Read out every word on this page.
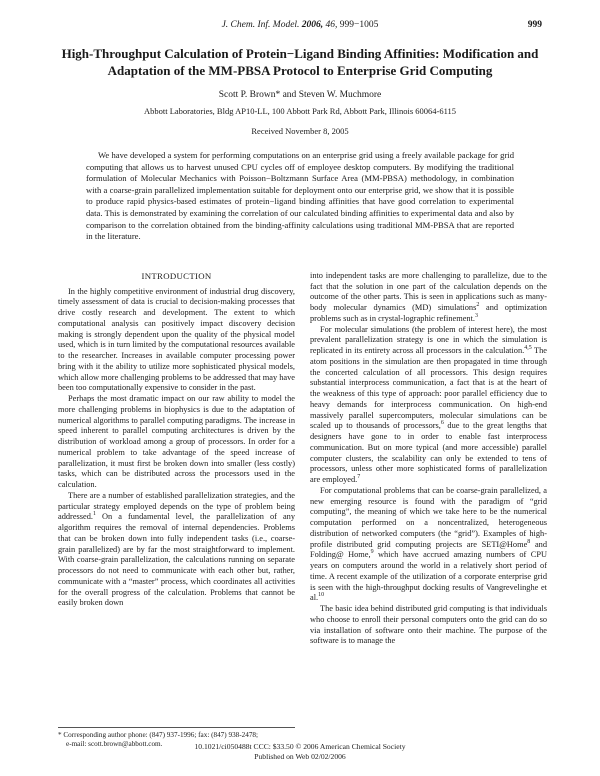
J. Chem. Inf. Model. 2006, 46, 999−1005	999
High-Throughput Calculation of Protein−Ligand Binding Affinities: Modification and
Adaptation of the MM-PBSA Protocol to Enterprise Grid Computing
Scott P. Brown* and Steven W. Muchmore
Abbott Laboratories, Bldg AP10-LL, 100 Abbott Park Rd, Abbott Park, Illinois 60064-6115
Received November 8, 2005

We have developed a system for performing computations on an enterprise grid using a freely available package for grid computing that allows us to harvest unused CPU cycles off of employee desktop computers. By modifying the traditional formulation of Molecular Mechanics with Poisson−Boltzmann Surface Area (MM-PBSA) methodology, in combination with a coarse-grain parallelized implementation suitable for deployment onto our enterprise grid, we show that it is possible to produce rapid physics-based estimates of protein−ligand binding affinities that have good correlation to experimental data. This is demonstrated by examining the correlation of our calculated binding affinities to experimental data and also by comparison to the correlation obtained from the binding-affinity calculations using traditional MM-PBSA that are reported in the literature.

INTRODUCTION

In the highly competitive environment of industrial drug discovery, timely assessment of data is crucial to decision-making processes that drive costly research and development. The extent to which computational analysis can positively impact discovery decision making is strongly dependent upon the quality of the physical model used, which is in turn limited by the computational resources available to the researcher. Increases in available computer processing power bring with it the ability to utilize more sophisticated physical models, which allow more challenging problems to be addressed that may have been too computationally expensive to consider in the past.

Perhaps the most dramatic impact on our raw ability to model the more challenging problems in biophysics is due to the adaptation of numerical algorithms to parallel computing paradigms. The increase in speed inherent to parallel computing architectures is driven by the distribution of workload among a group of processors. In order for a numerical problem to take advantage of the speed increase of parallelization, it must first be broken down into smaller (less costly) tasks, which can be distributed across the processors used in the calculation.

There are a number of established parallelization strategies, and the particular strategy employed depends on the type of problem being addressed.$^1$ On a fundamental level, the parallelization of any algorithm requires the removal of internal dependencies. Problems that can be broken down into fully independent tasks (i.e., coarse-grain parallelized) are by far the most straightforward to implement. With coarse-grain parallelization, the calculations running on separate processors do not need to communicate with each other but, rather, communicate with a “master” process, which coordinates all activities for the overall progress of the calculation. Problems that cannot be easily broken down

* Corresponding author phone: (847) 937-1996; fax: (847) 938-2478;
e-mail: scott.brown@abbott.com.

into independent tasks are more challenging to parallelize, due to the fact that the solution in one part of the calculation depends on the outcome of the other parts. This is seen in applications such as many-body molecular dynamics (MD) simulations$^2$ and optimization problems such as in crystal-lographic refinement.$^3$

For molecular simulations (the problem of interest here), the most prevalent parallelization strategy is one in which the simulation is replicated in its entirety across all processors in the calculation.$^{4,5}$ The atom positions in the simulation are then propagated in time through the concerted calculation of all processors. This design requires substantial interprocess communication, a fact that is at the heart of the weakness of this type of approach: poor parallel efficiency due to heavy demands for interprocess communication. On high-end massively parallel supercomputers, molecular simulations can be scaled up to thousands of processors,$^6$ due to the great lengths that designers have gone to in order to enable fast interprocess communication. But on more typical (and more accessible) parallel computer clusters, the scalability can only be extended to tens of processors, unless other more sophisticated forms of parallelization are employed.$^7$

For computational problems that can be coarse-grain parallelized, a new emerging resource is found with the paradigm of “grid computing”, the meaning of which we take here to be the numerical computation performed on a noncentralized, heterogeneous distribution of networked computers (the “grid”). Examples of high-profile distributed grid computing projects are SETI@Home$^8$ and Folding@ Home,$^9$ which have accrued amazing numbers of CPU years on computers around the world in a relatively short period of time. A recent example of the utilization of a corporate enterprise grid is seen with the high-throughput docking results of Vangrevelinghe et al.$^{10}$

The basic idea behind distributed grid computing is that individuals who choose to enroll their personal computers onto the grid can do so via installation of software onto their machine. The purpose of the software is to manage the

10.1021/ci050488t CCC: $33.50 © 2006 American Chemical Society
Published on Web 02/02/2006
